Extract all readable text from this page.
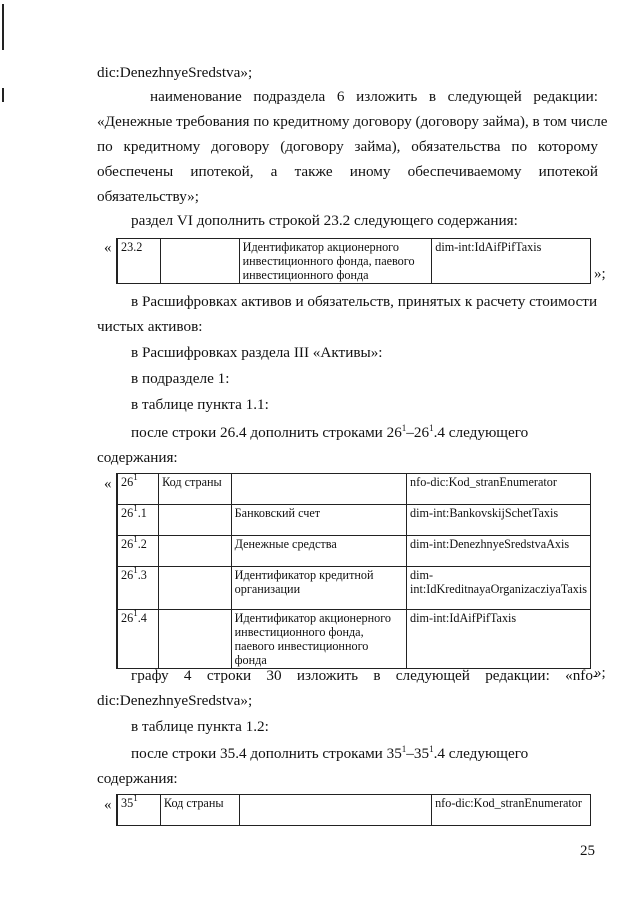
dic:DenezhnyeSredstva»;
наименование подраздела 6 изложить в следующей редакции:
«Денежные требования по кредитному договору (договору займа), в том числе
по кредитному договору (договору займа), обязательства по которому
обеспечены ипотекой, а также иному обеспечиваемому ипотекой
обязательству»;
раздел VI дополнить строкой 23.2 следующего содержания:
« 23.2		Идентификатор акционерного инвестиционного фонда, паевого инвестиционного фонда	dim-int:IdAifPifTaxis
»;
в Расшифровках активов и обязательств, принятых к расчету стоимости
чистых активов:
в Расшифровках раздела III «Активы»:
в подразделе 1:
в таблице пункта 1.1:
после строки 26.4 дополнить строками $26^1-26^1.4$ следующего
содержания:
« $26^1$	Код страны		nfo-dic:Kod_stranEnumerator
$26^1.1$		Банковский счет	dim-int:BankovskijSchetTaxis
$26^1.2$		Денежные средства	dim-int:DenezhnyeSredstvaAxis
$26^1.3$		Идентификатор кредитной организации	dim-int:IdKreditnayaOrganizacziyaTaxis
$26^1.4$		Идентификатор акционерного инвестиционного фонда, паевого инвестиционного фонда	dim-int:IdAifPifTaxis
»;
графу 4 строки 30 изложить в следующей редакции: «nfo-
dic:DenezhnyeSredstva»;
в таблице пункта 1.2:
после строки 35.4 дополнить строками $35^1-35^1.4$ следующего
содержания:
« $35^1$	Код страны		nfo-dic:Kod_stranEnumerator
25
